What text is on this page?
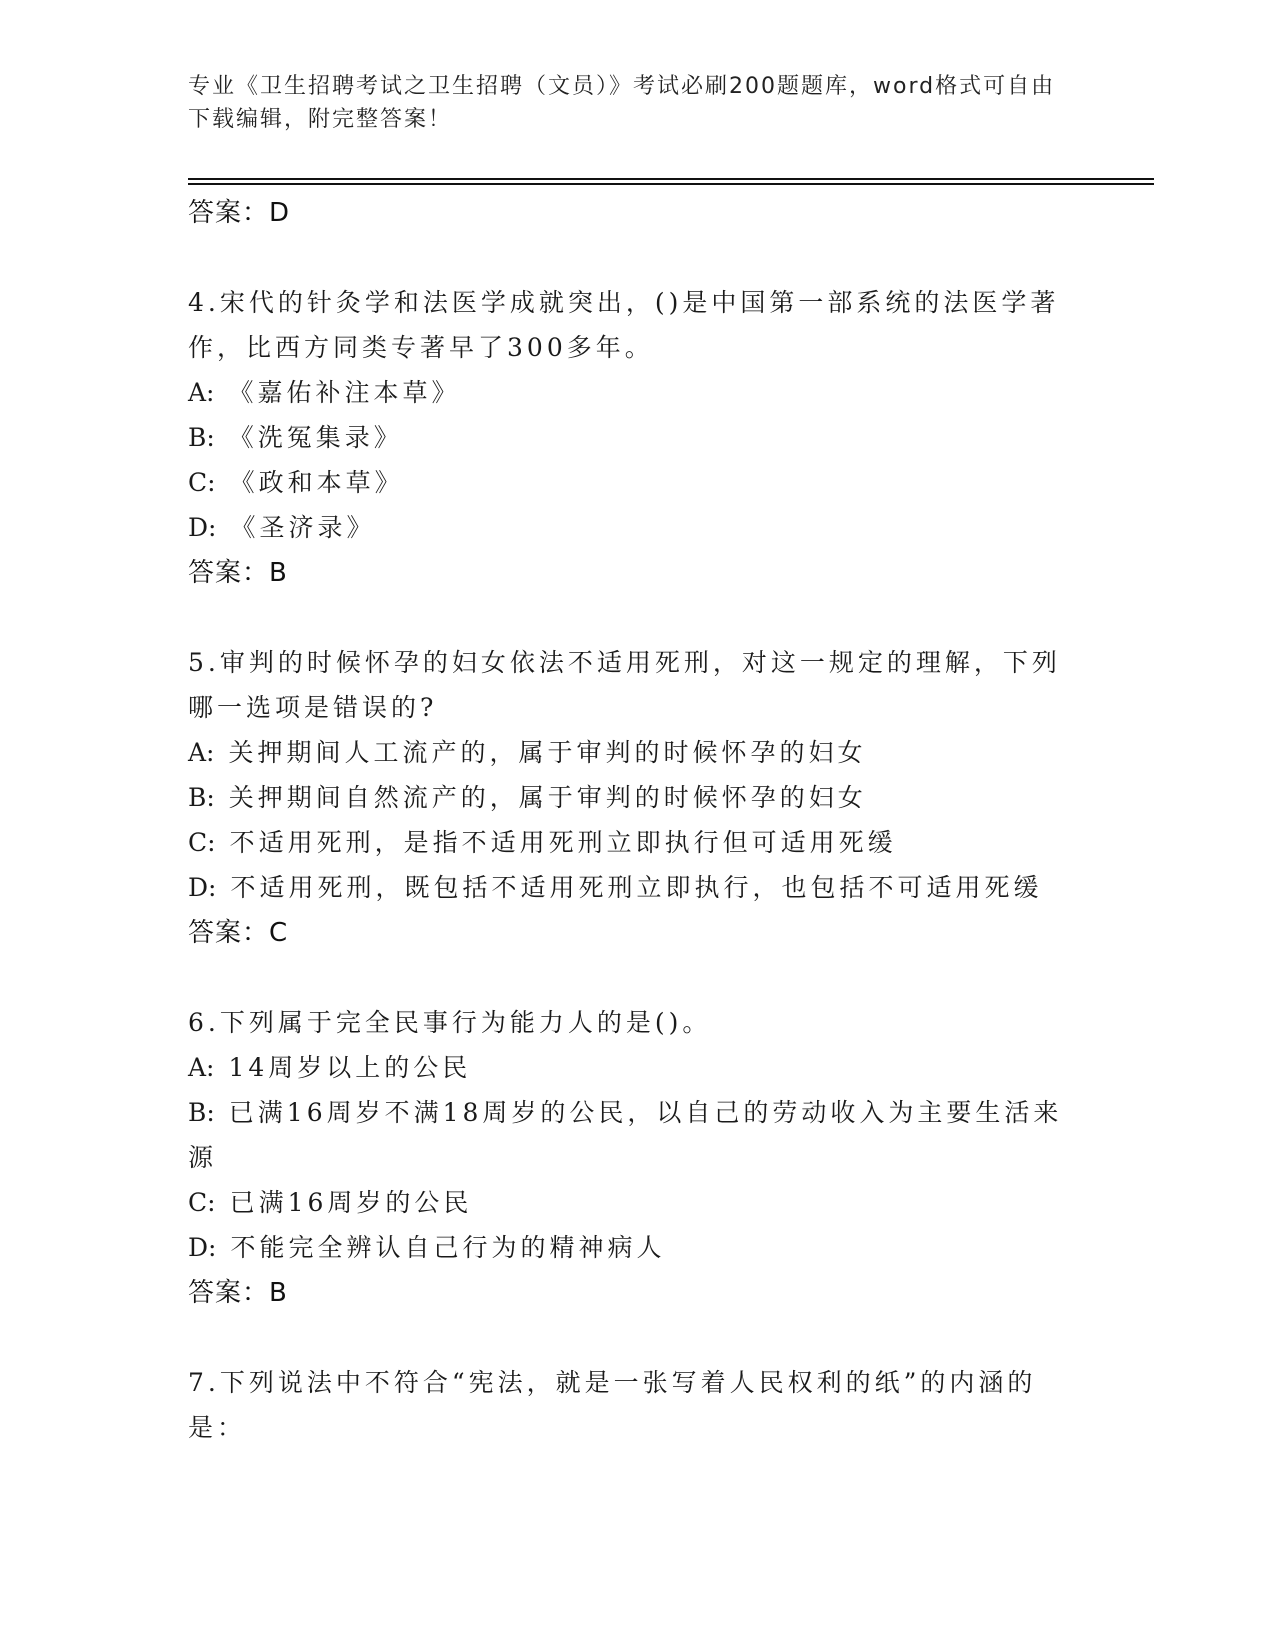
专业《卫生招聘考试之卫生招聘（文员）》考试必刷200题题库，word格式可自由下载编辑，附完整答案！
答案：D
4.宋代的针灸学和法医学成就突出，()是中国第一部系统的法医学著作，比西方同类专著早了300多年。
A: 《嘉佑补注本草》
B: 《洗冤集录》
C: 《政和本草》
D: 《圣济录》
答案：B
5.审判的时候怀孕的妇女依法不适用死刑，对这一规定的理解，下列哪一选项是错误的?
A: 关押期间人工流产的，属于审判的时候怀孕的妇女
B: 关押期间自然流产的，属于审判的时候怀孕的妇女
C: 不适用死刑，是指不适用死刑立即执行但可适用死缓
D: 不适用死刑，既包括不适用死刑立即执行，也包括不可适用死缓
答案：C
6.下列属于完全民事行为能力人的是()。
A: 14周岁以上的公民
B: 已满16周岁不满18周岁的公民，以自己的劳动收入为主要生活来源
C: 已满16周岁的公民
D: 不能完全辨认自己行为的精神病人
答案：B
7.下列说法中不符合“宪法，就是一张写着人民权利的纸”的内涵的是：
